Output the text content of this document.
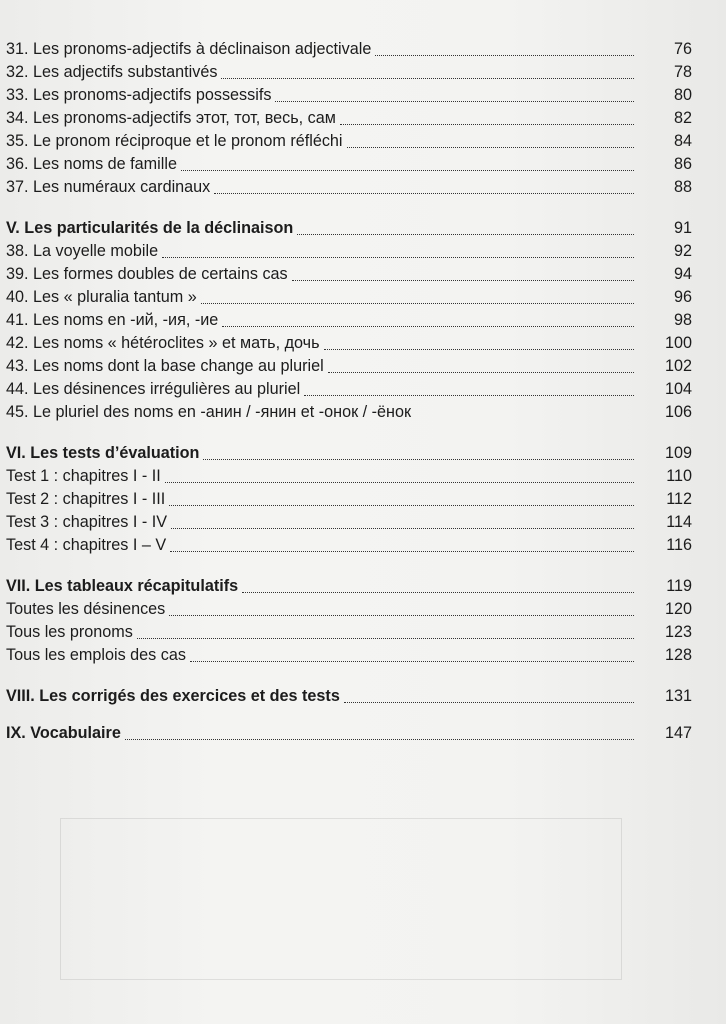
31. Les pronoms-adjectifs à déclinaison adjectivale	76
32. Les adjectifs substantivés	78
33. Les pronoms-adjectifs possessifs	80
34. Les pronoms-adjectifs этот, тот, весь, сам	82
35. Le pronom réciproque et le pronom réfléchi	84
36. Les noms de famille	86
37. Les numéraux cardinaux	88
V. Les particularités de la déclinaison	91
38. La voyelle mobile	92
39. Les formes doubles de certains cas	94
40. Les « pluralia tantum »	96
41. Les noms en -ий, -ия, -ие	98
42. Les noms « hétéroclites » et мать, дочь	100
43. Les noms dont la base change au pluriel	102
44. Les désinences irrégulières au pluriel	104
45. Le pluriel des noms en -анин / -янин et -онок / -ёнок	106
VI. Les tests d’évaluation	109
Test 1 : chapitres I - II	110
Test 2 : chapitres I - III	112
Test 3 : chapitres I - IV	114
Test 4 : chapitres I – V	116
VII. Les tableaux récapitulatifs	119
Toutes les désinences	120
Tous les pronoms	123
Tous les emplois des cas	128
VIII. Les corrigés des exercices et des tests	131
IX. Vocabulaire	147
